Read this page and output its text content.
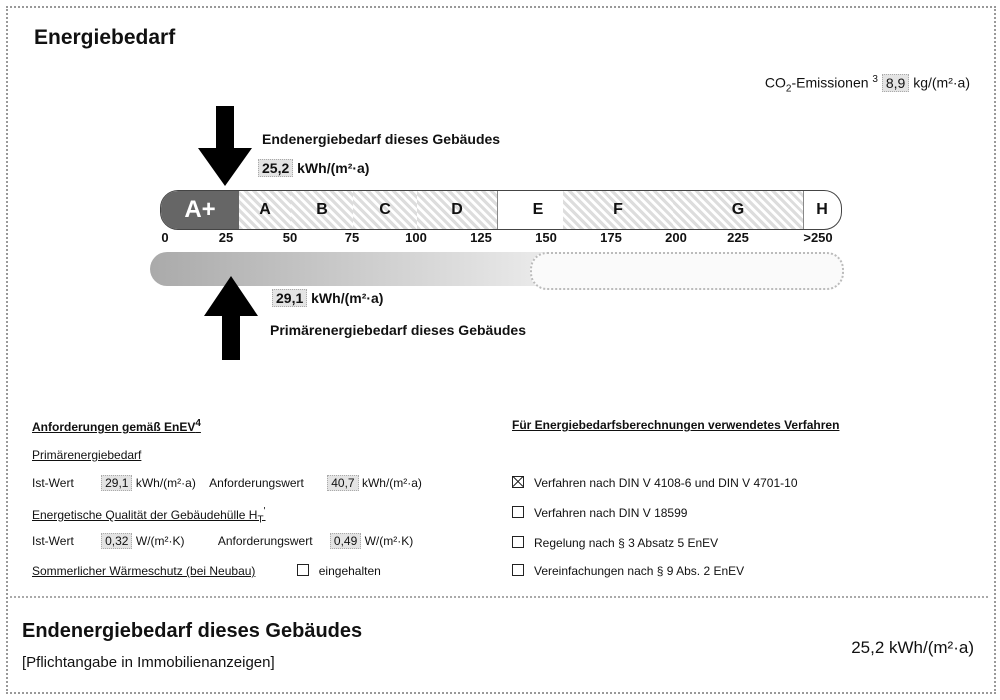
Energiebedarf
$CO_2$-Emissionen $^3$ 8,9 kg/(m²·a)
Endenergiebedarf dieses Gebäudes
25,2 kWh/(m²·a)
A+	A	B	C	D	E	F	G	H
0	25	50	75	100	125	150	175	200	225	>250
29,1 kWh/(m²·a)
Primärenergiebedarf dieses Gebäudes
Anforderungen gemäß EnEV$^4$
Primärenergiebedarf
Ist-Wert	29,1 kWh/(m²·a) Anforderungswert 40,7 kWh/(m²·a)
Energetische Qualität der Gebäudehülle $H_T'$
Ist-Wert	0,32 W/(m²·K)	Anforderungswert 0,49 W/(m²·K)
Sommerlicher Wärmeschutz (bei Neubau)	eingehalten
Für Energiebedarfsberechnungen verwendetes Verfahren
Verfahren nach DIN V 4108-6 und DIN V 4701-10
Verfahren nach DIN V 18599
Regelung nach § 3 Absatz 5 EnEV
Vereinfachungen nach § 9 Abs. 2 EnEV
Endenergiebedarf dieses Gebäudes
[Pflichtangabe in Immobilienanzeigen]
25,2 kWh/(m²·a)
